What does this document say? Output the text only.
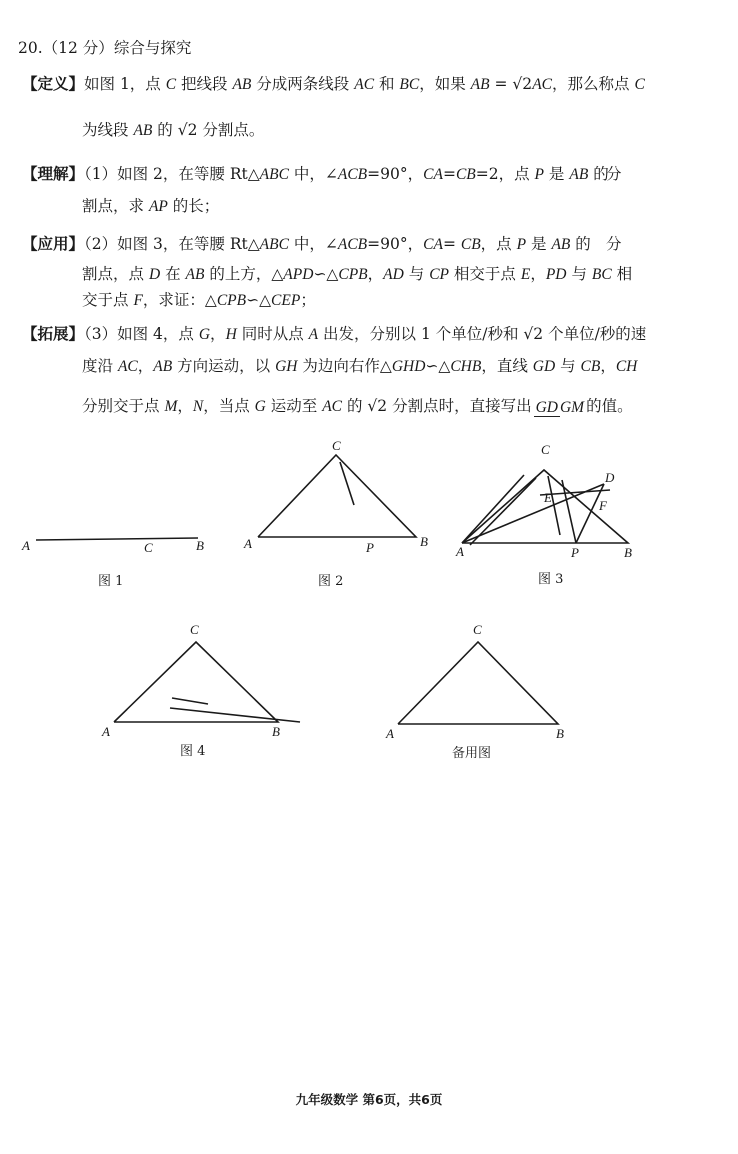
20.（12 分）综合与探究
【定义】如图 1，点 C 把线段 AB 分成两条线段 AC 和 BC，如果 AB = √2AC，那么称点 C
为线段 AB 的 √2 分割点。
【理解】（1）如图 2，在等腰 Rt△ABC 中，∠ACB=90°，CA=CB=2，点 P 是 AB 的
分
割点，求 AP 的长；
【应用】（2）如图 3，在等腰 Rt△ABC 中，∠ACB=90°，CA= CB，点 P 是 AB 的 分
割点，点 D 在 AB 的上方，△APD∽△CPB，AD 与 CP 相交于点 E，PD 与 BC 相
交于点 F，求证：△CPB∽△CEP；
【拓展】（3）如图 4，点 G，H 同时从点 A 出发，分别以 1 个单位/秒和 √2 个单位/秒的速
度沿 AC，AB 方向运动，以 GH 为边向右作△GHD∽△CHB，直线 GD 与 CB，CH
分别交于点 M，N，当点 G 运动至 AC 的 √2 分割点时，直接写出 GD GM 的值。
A	C	B
图 1
C
A	P	B
图 2
C
D
E
F
A	P	B
图 3
C
A	B
图 4
C
A	B
备用图
九年级数学 第6页，共6页
